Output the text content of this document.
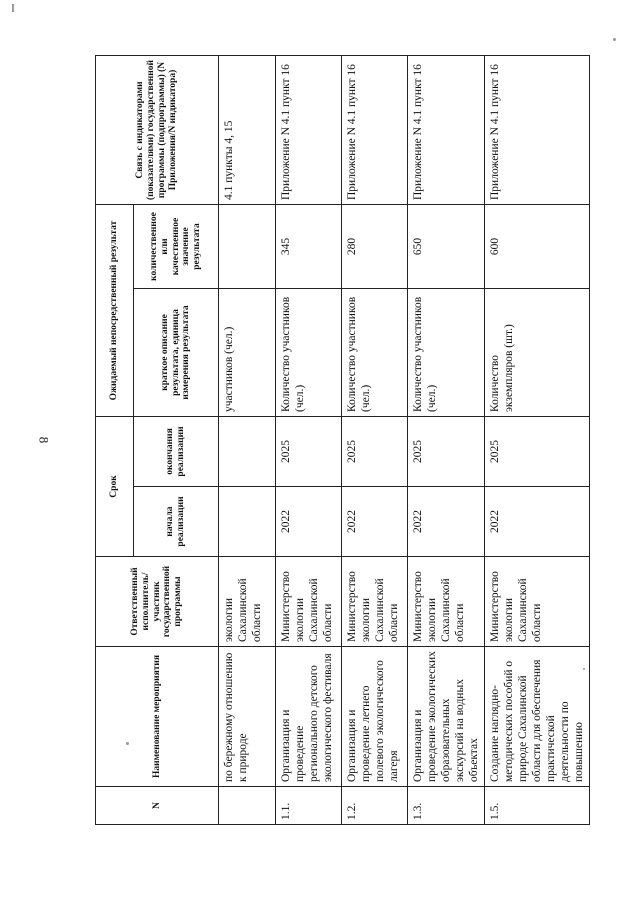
8
N	Наименование мероприятия	Ответственный исполнитель/ участник государственной программы	Срок		Ожидаемый непосредственный результат		Связь с индикаторами (показателями) государственной программы (подпрограммы) (N Приложения/N индикатора)
			начала реализации	окончания реализации	краткое описание результата, единица измерения результата	количественное или качественное значение результата	
	по бережному отношению к природе	экологии Сахалинской области			участников (чел.)		4.1 пункты 4, 15
1.1.	Организация и проведение регионального детского экологического фестиваля	Министерство экологии Сахалинской области	2022	2025	Количество участников (чел.)	345	Приложение N 4.1 пункт 16
1.2.	Организация и проведение летнего полевого экологического лагеря	Министерство экологии Сахалинской области	2022	2025	Количество участников (чел.)	280	Приложение N 4.1 пункт 16
1.3.	Организация и проведение экологических образовательных экскурсий на водных объектах	Министерство экологии Сахалинской области	2022	2025	Количество участников (чел.)	650	Приложение N 4.1 пункт 16
1.5.	Создание наглядно-методических пособий о природе Сахалинской области для обеспечения практической деятельности по повышению	Министерство экологии Сахалинской области	2022	2025	Количество экземпляров (шт.)	600	Приложение N 4.1 пункт 16
